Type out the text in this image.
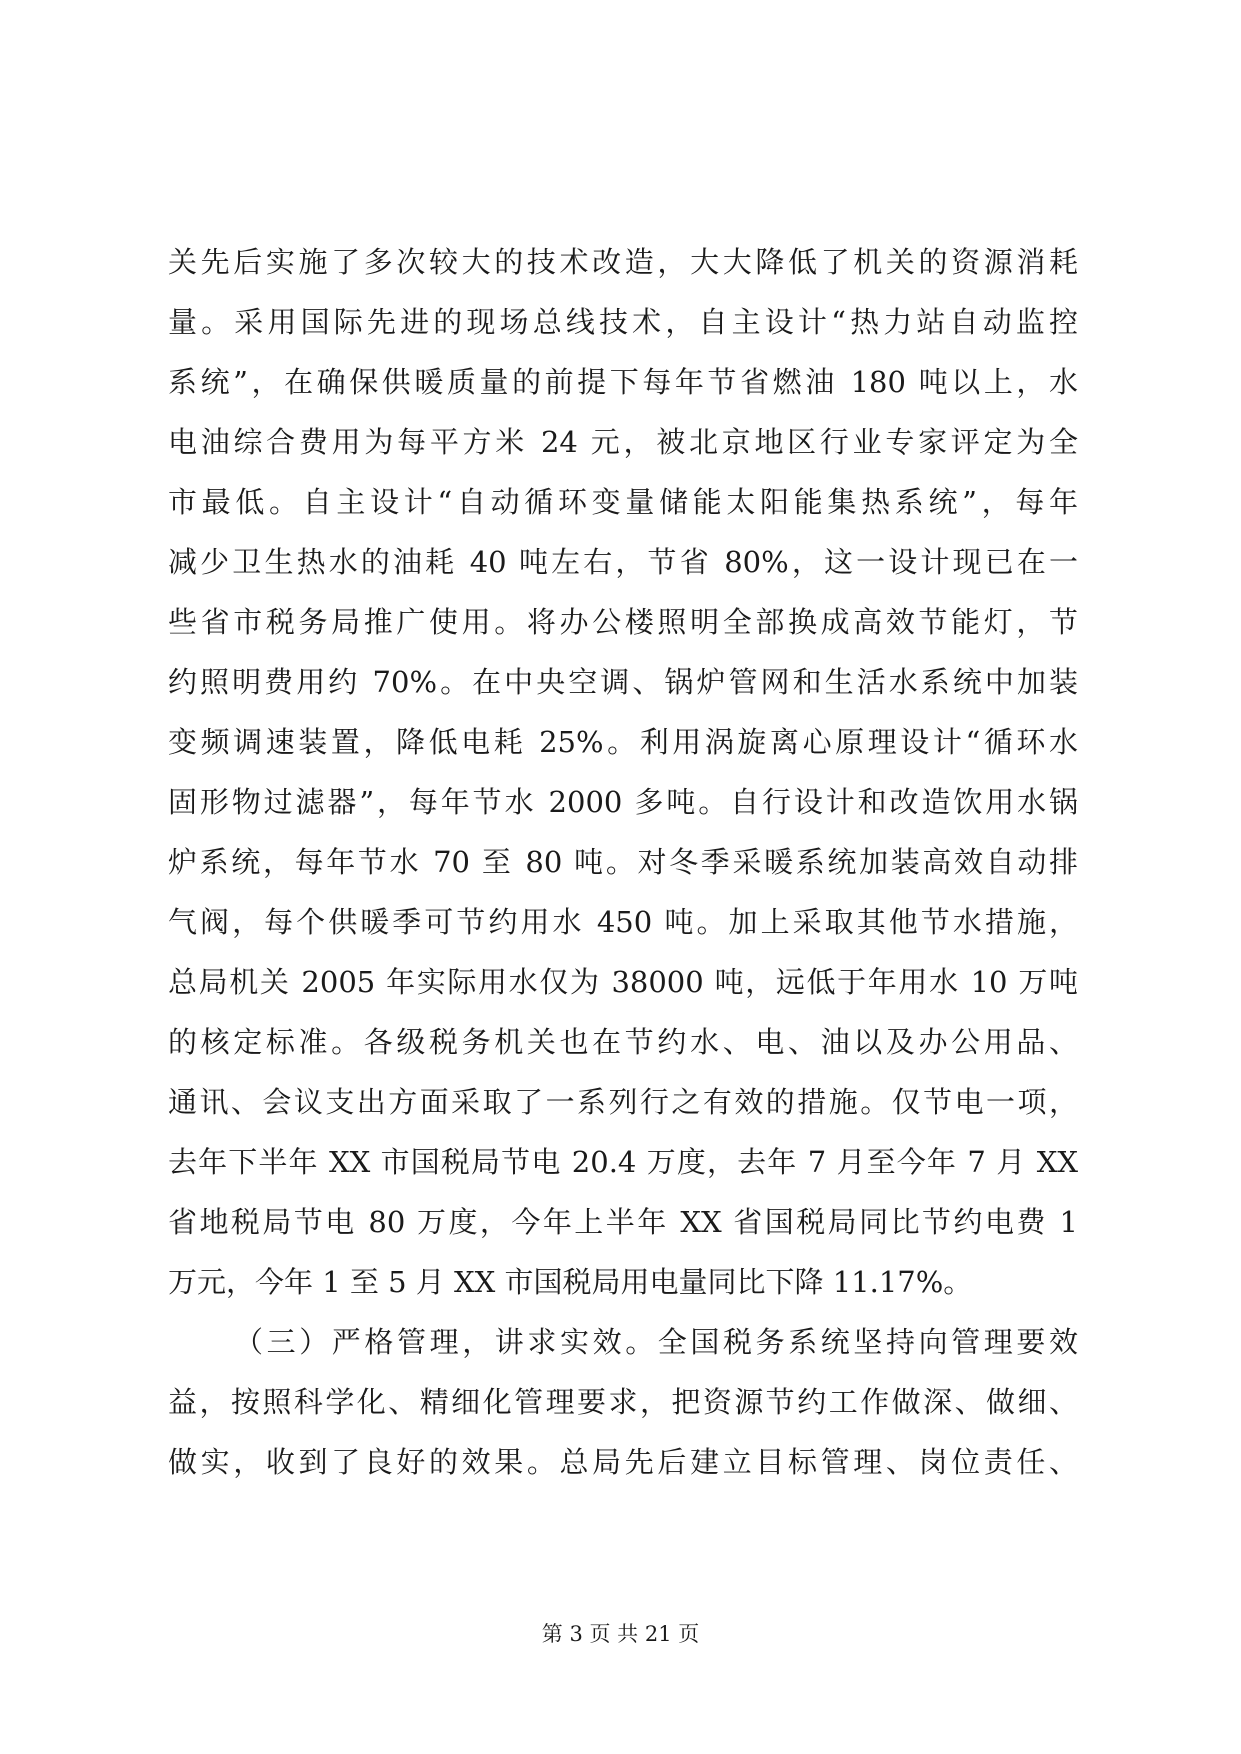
关先后实施了多次较大的技术改造，大大降低了机关的资源消耗
量。采用国际先进的现场总线技术，自主设计“热力站自动监控
系统”，在确保供暖质量的前提下每年节省燃油 180 吨以上，水
电油综合费用为每平方米 24 元，被北京地区行业专家评定为全
市最低。自主设计“自动循环变量储能太阳能集热系统”，每年
减少卫生热水的油耗 40 吨左右，节省 80%，这一设计现已在一
些省市税务局推广使用。将办公楼照明全部换成高效节能灯，节
约照明费用约 70%。在中央空调、锅炉管网和生活水系统中加装
变频调速装置，降低电耗 25%。利用涡旋离心原理设计“循环水
固形物过滤器”，每年节水 2000 多吨。自行设计和改造饮用水锅
炉系统，每年节水 70 至 80 吨。对冬季采暖系统加装高效自动排
气阀，每个供暖季可节约用水 450 吨。加上采取其他节水措施，
总局机关 2005 年实际用水仅为 38000 吨，远低于年用水 10 万吨
的核定标准。各级税务机关也在节约水、电、油以及办公用品、
通讯、会议支出方面采取了一系列行之有效的措施。仅节电一项，
去年下半年 XX 市国税局节电 20.4 万度，去年 7 月至今年 7 月 XX
省地税局节电 80 万度，今年上半年 XX 省国税局同比节约电费 1
万元，今年 1 至 5 月 XX 市国税局用电量同比下降 11.17%。
（三）严格管理，讲求实效。全国税务系统坚持向管理要效
益，按照科学化、精细化管理要求，把资源节约工作做深、做细、
做实，收到了良好的效果。总局先后建立目标管理、岗位责任、
第 3 页 共 21 页
